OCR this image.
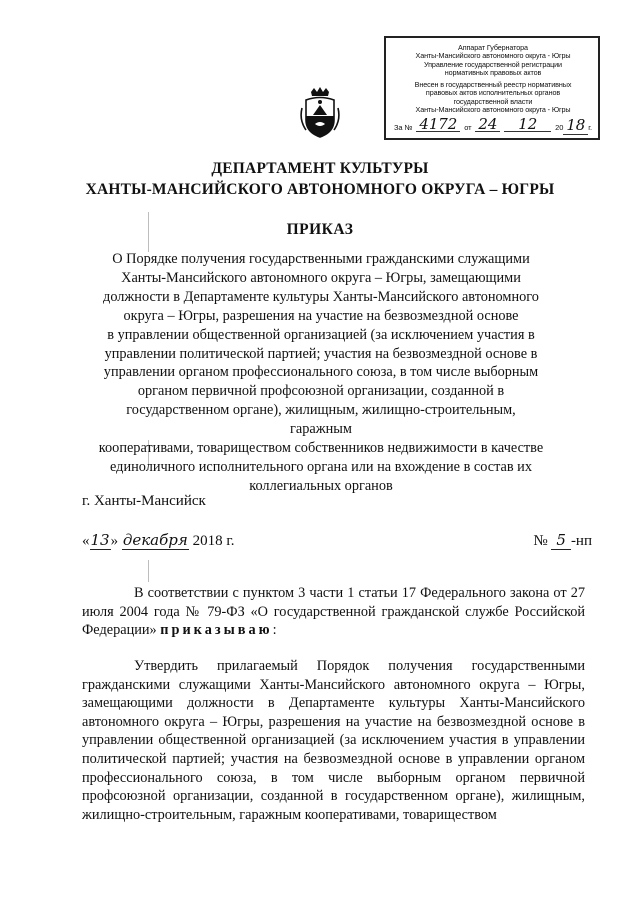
Аппарат Губернатора
Ханты-Мансийского автономного округа - Югры
Управление государственной регистрации
нормативных правовых актов
Внесен в государственный реестр нормативных
правовых актов исполнительных органов
государственной власти
Ханты-Мансийского автономного округа - Югры
За № 4172 от 24	12	20 18 г.
ДЕПАРТАМЕНТ КУЛЬТУРЫ
ХАНТЫ-МАНСИЙСКОГО АВТОНОМНОГО ОКРУГА – ЮГРЫ
ПРИКАЗ
О Порядке получения государственными гражданскими служащими
Ханты-Мансийского автономного округа – Югры, замещающими
должности в Департаменте культуры Ханты-Мансийского автономного
округа – Югры, разрешения на участие на безвозмездной основе
в управлении общественной организацией (за исключением участия в
управлении политической партией; участия на безвозмездной основе в
управлении органом профессионального союза, в том числе выборным
органом первичной профсоюзной организации, созданной в
государственном органе), жилищным, жилищно-строительным, гаражным
кооперативами, товариществом собственников недвижимости в качестве
единоличного исполнительного органа или на вхождение в состав их
коллегиальных органов
г. Ханты-Мансийск
«13» декабря 2018 г.	№ 5 -нп
В соответствии с пунктом 3 части 1 статьи 17 Федерального закона от 27 июля 2004 года № 79-ФЗ «О государственной гражданской службе Российской Федерации» приказываю:
Утвердить прилагаемый Порядок получения государственными гражданскими служащими Ханты-Мансийского автономного округа – Югры, замещающими должности в Департаменте культуры Ханты-Мансийского автономного округа – Югры, разрешения на участие на безвозмездной основе в управлении общественной организацией (за исключением участия в управлении политической партией; участия на безвозмездной основе в управлении органом профессионального союза, в том числе выборным органом первичной профсоюзной организации, созданной в государственном органе), жилищным, жилищно-строительным, гаражным кооперативами, товариществом
